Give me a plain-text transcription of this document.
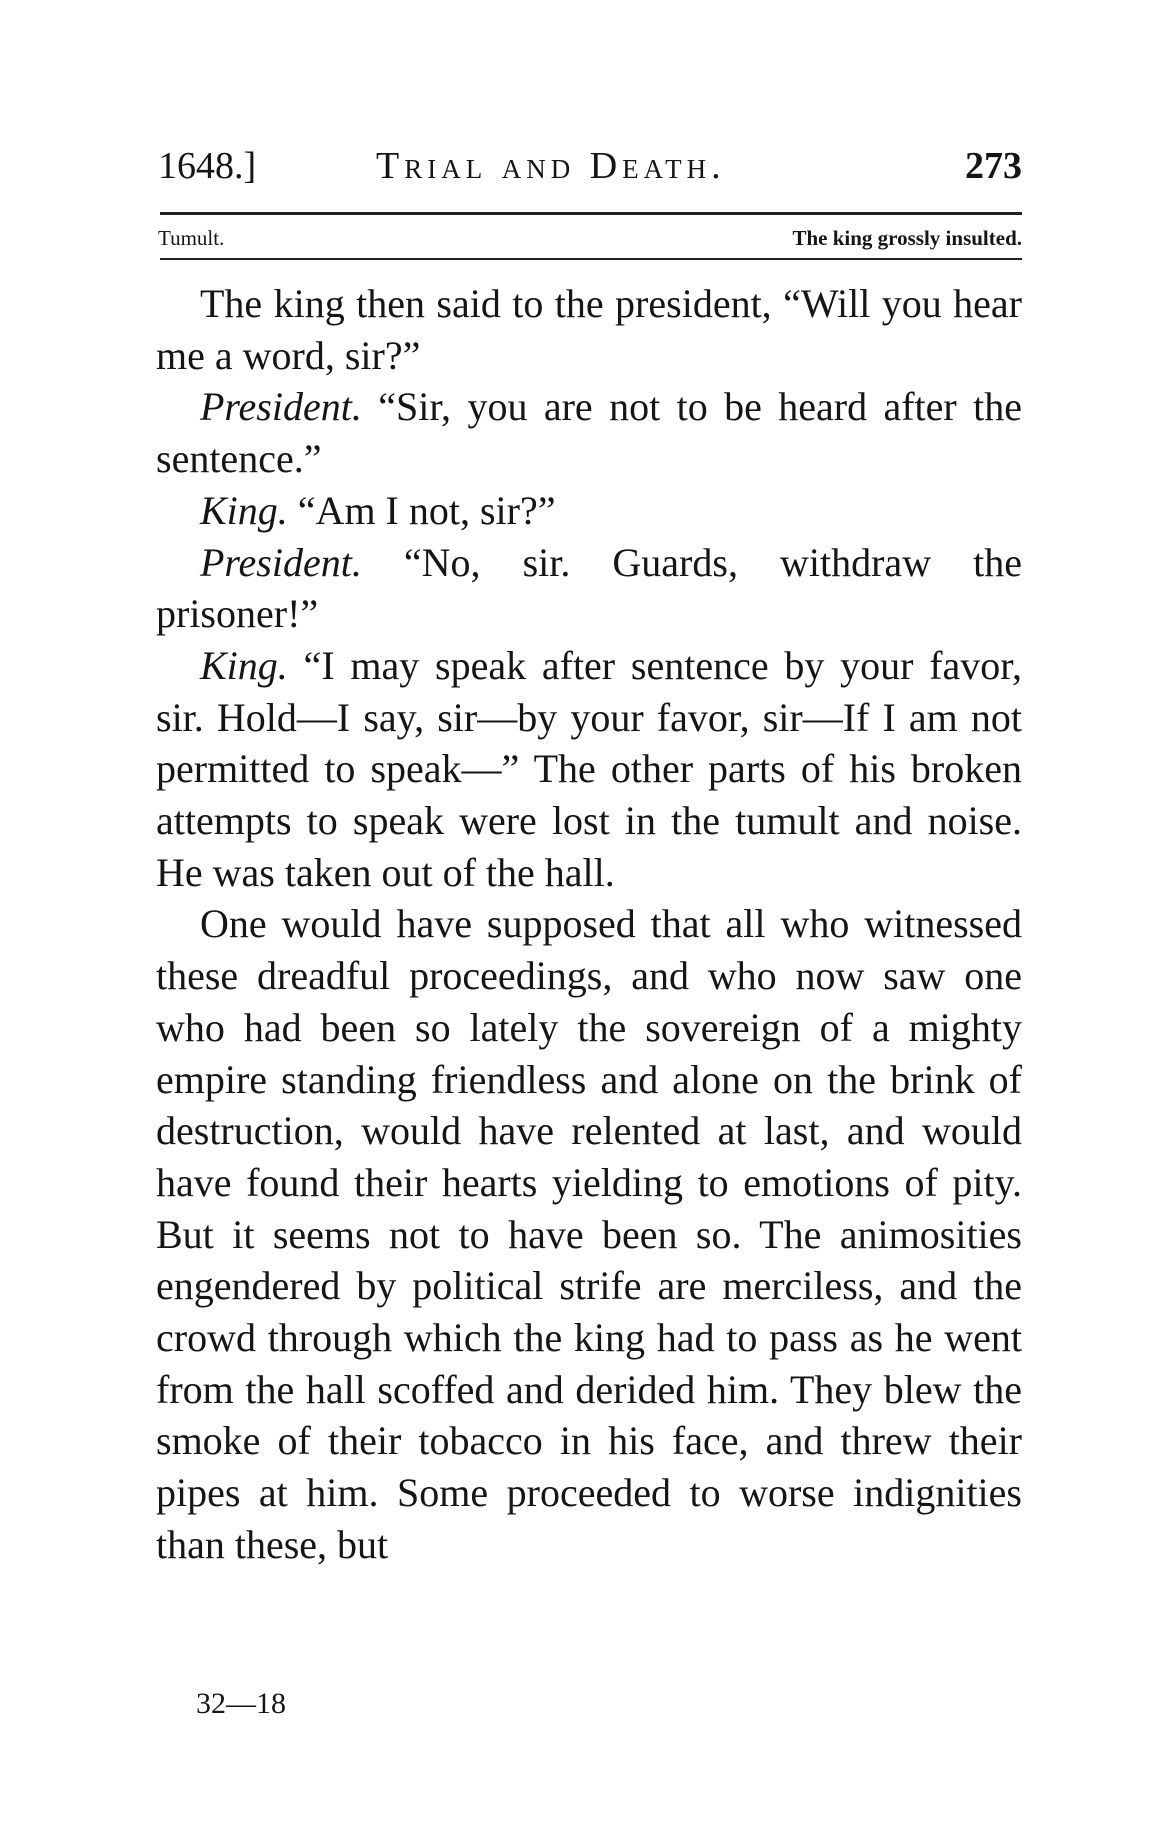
1648.]	Trial and Death.	273
Tumult.	The king grossly insulted.

The king then said to the president, “Will you hear me a word, sir?”

President. “Sir, you are not to be heard after the sentence.”

King. “Am I not, sir?”

President. “No, sir. Guards, withdraw the prisoner!”

King. “I may speak after sentence by your favor, sir. Hold—I say, sir—by your favor, sir—If I am not permitted to speak—” The other parts of his broken attempts to speak were lost in the tumult and noise. He was taken out of the hall.

One would have supposed that all who witnessed these dreadful proceedings, and who now saw one who had been so lately the sovereign of a mighty empire standing friendless and alone on the brink of destruction, would have relented at last, and would have found their hearts yielding to emotions of pity. But it seems not to have been so. The animosities engendered by political strife are merciless, and the crowd through which the king had to pass as he went from the hall scoffed and derided him. They blew the smoke of their tobacco in his face, and threw their pipes at him. Some proceeded to worse indignities than these, but

32—18
